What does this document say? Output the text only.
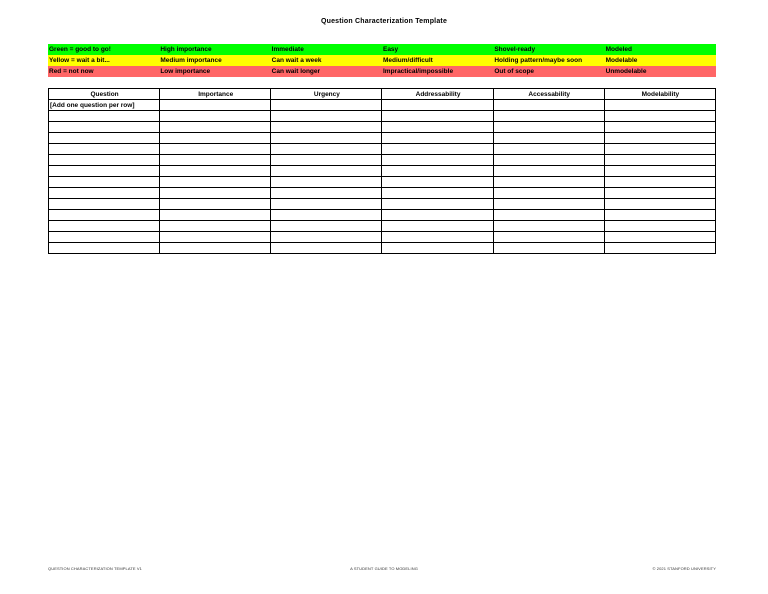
Question Characterization Template
Green = good to go!	High importance	Immediate	Easy	Shovel-ready	Modeled
Yellow = wait a bit...	Medium importance	Can wait a week	Medium/difficult	Holding pattern/maybe soon	Modelable
Red = not now	Low importance	Can wait longer	Impractical/impossible	Out of scope	Unmodelable
Question	Importance	Urgency	Addressability	Accessability	Modelability
[Add one question per row]					

QUESTION CHARACTERIZATION TEMPLATE V1	A STUDENT GUIDE TO MODELING	© 2021 STANFORD UNIVERSITY
